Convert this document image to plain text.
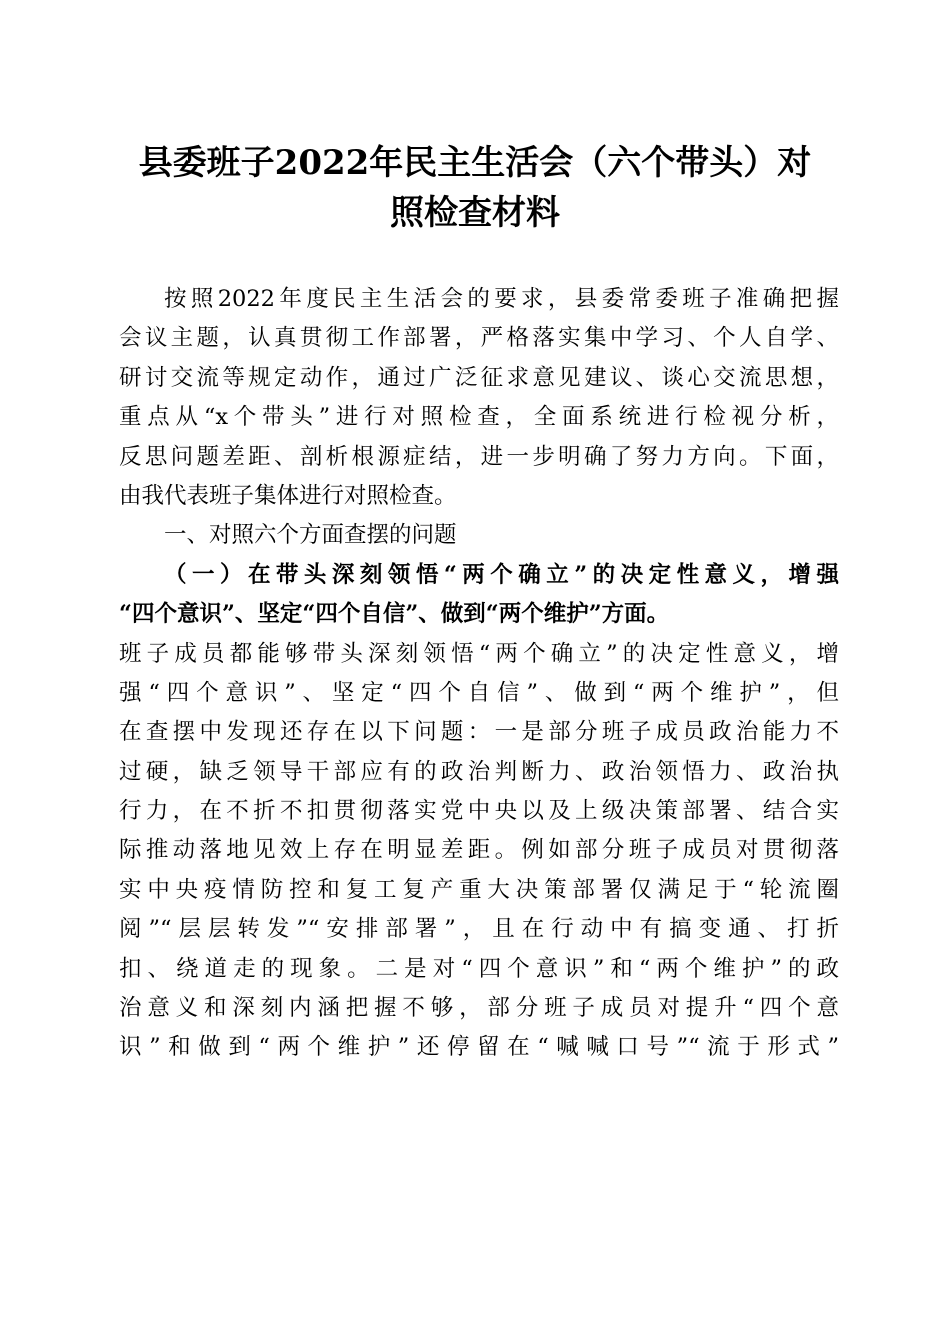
县委班子2022年民主生活会（六个带头）对
照检查材料
按照2022年度民主生活会的要求，县委常委班子准确把握
会议主题，认真贯彻工作部署，严格落实集中学习、个人自学、
研讨交流等规定动作，通过广泛征求意见建议、谈心交流思想，
重点从“x个带头”进行对照检查，全面系统进行检视分析，
反思问题差距、剖析根源症结，进一步明确了努力方向。下面，
由我代表班子集体进行对照检查。
一、对照六个方面查摆的问题
（一）在带头深刻领悟“两个确立”的决定性意义，增强
“四个意识”、坚定“四个自信”、做到“两个维护”方面。
班子成员都能够带头深刻领悟“两个确立”的决定性意义，增
强“四个意识”、坚定“四个自信”、做到“两个维护”，但
在查摆中发现还存在以下问题：一是部分班子成员政治能力不
过硬，缺乏领导干部应有的政治判断力、政治领悟力、政治执
行力，在不折不扣贯彻落实党中央以及上级决策部署、结合实
际推动落地见效上存在明显差距。例如部分班子成员对贯彻落
实中央疫情防控和复工复产重大决策部署仅满足于“轮流圈
阅”“层层转发”“安排部署”，且在行动中有搞变通、打折
扣、绕道走的现象。二是对“四个意识”和“两个维护”的政
治意义和深刻内涵把握不够，部分班子成员对提升“四个意
识”和做到“两个维护”还停留在“喊喊口号”“流于形式”
